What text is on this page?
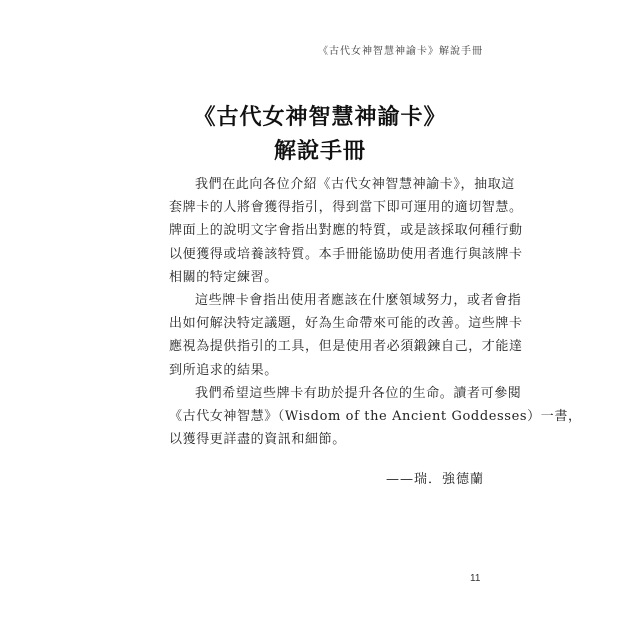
《古代女神智慧神諭卡》解說手冊
《古代女神智慧神諭卡》
解說手冊
我們在此向各位介紹《古代女神智慧神諭卡》，抽取這
套牌卡的人將會獲得指引，得到當下即可運用的適切智慧。
牌面上的說明文字會指出對應的特質，或是該採取何種行動
以便獲得或培養該特質。本手冊能協助使用者進行與該牌卡
相關的特定練習。
這些牌卡會指出使用者應該在什麼領域努力，或者會指
出如何解決特定議題，好為生命帶來可能的改善。這些牌卡
應視為提供指引的工具，但是使用者必須鍛鍊自己，才能達
到所追求的結果。
我們希望這些牌卡有助於提升各位的生命。讀者可參閱
《古代女神智慧》（Wisdom of the Ancient Goddesses）一書，
以獲得更詳盡的資訊和細節。
——瑞．強德蘭
11
